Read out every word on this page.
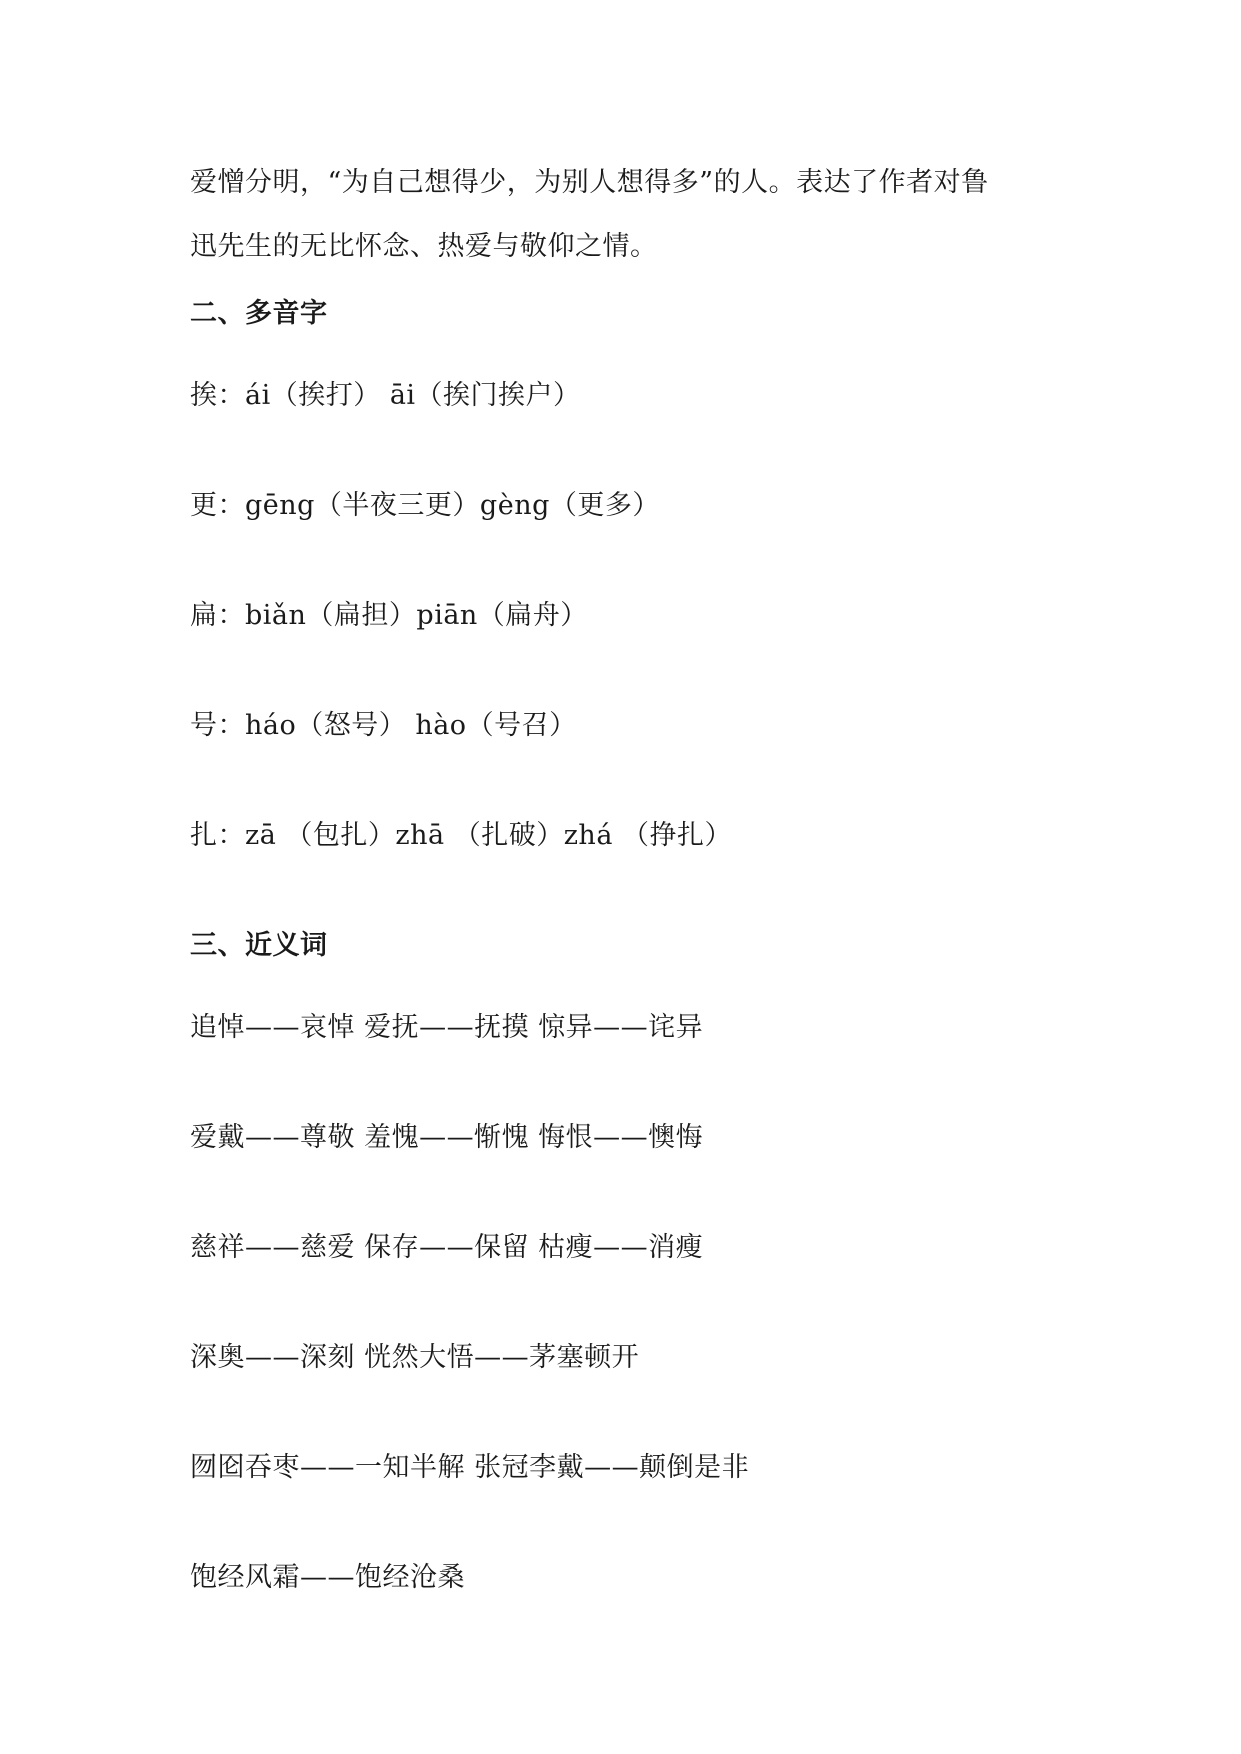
爱憎分明，“为自己想得少，为别人想得多”的人。表达了作者对鲁
迅先生的无比怀念、热爱与敬仰之情。
二、多音字
挨：ái（挨打） āi（挨门挨户）
更：gēng（半夜三更）gèng（更多）
扁：biǎn（扁担）piān（扁舟）
号：háo（怒号） hào（号召）
扎：zā （包扎）zhā （扎破）zhá （挣扎）
三、近义词
追悼——哀悼 爱抚——抚摸 惊异——诧异
爱戴——尊敬 羞愧——惭愧 悔恨——懊悔
慈祥——慈爱 保存——保留 枯瘦——消瘦
深奥——深刻 恍然大悟——茅塞顿开
囫囵吞枣——一知半解 张冠李戴——颠倒是非
饱经风霜——饱经沧桑
